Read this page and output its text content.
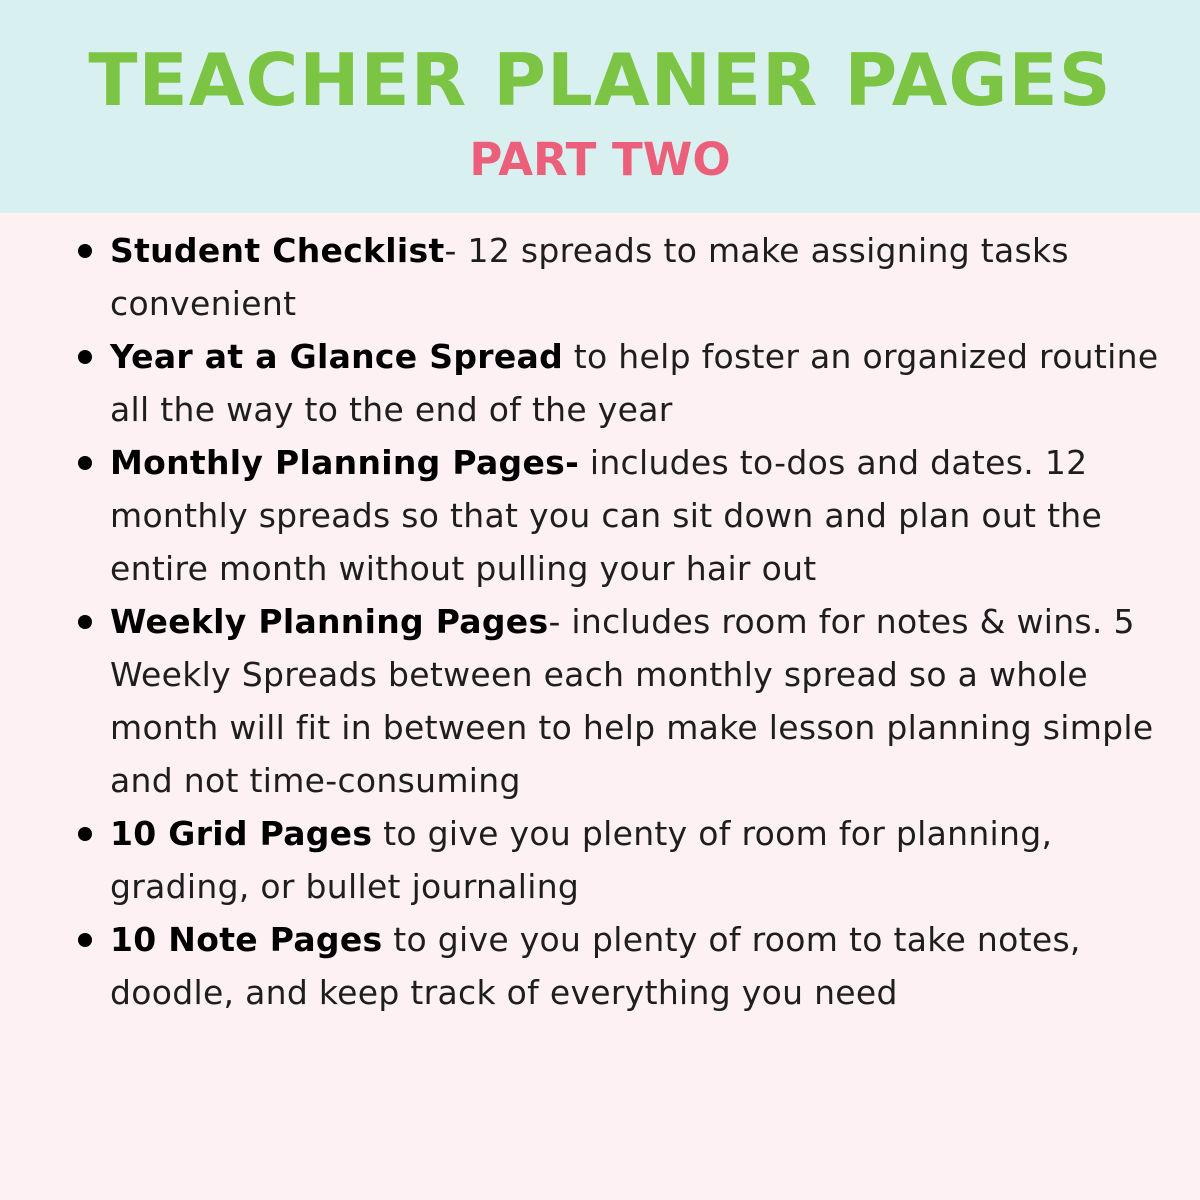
TEACHER PLANER PAGES
PART TWO
Student Checklist- 12 spreads to make assigning tasks convenient
Year at a Glance Spread to help foster an organized routine all the way to the end of the year
Monthly Planning Pages- includes to-dos and dates. 12 monthly spreads so that you can sit down and plan out the entire month without pulling your hair out
Weekly Planning Pages- includes room for notes & wins. 5 Weekly Spreads between each monthly spread so a whole month will fit in between to help make lesson planning simple and not time-consuming
10 Grid Pages to give you plenty of room for planning, grading, or bullet journaling
10 Note Pages to give you plenty of room to take notes, doodle, and keep track of everything you need
